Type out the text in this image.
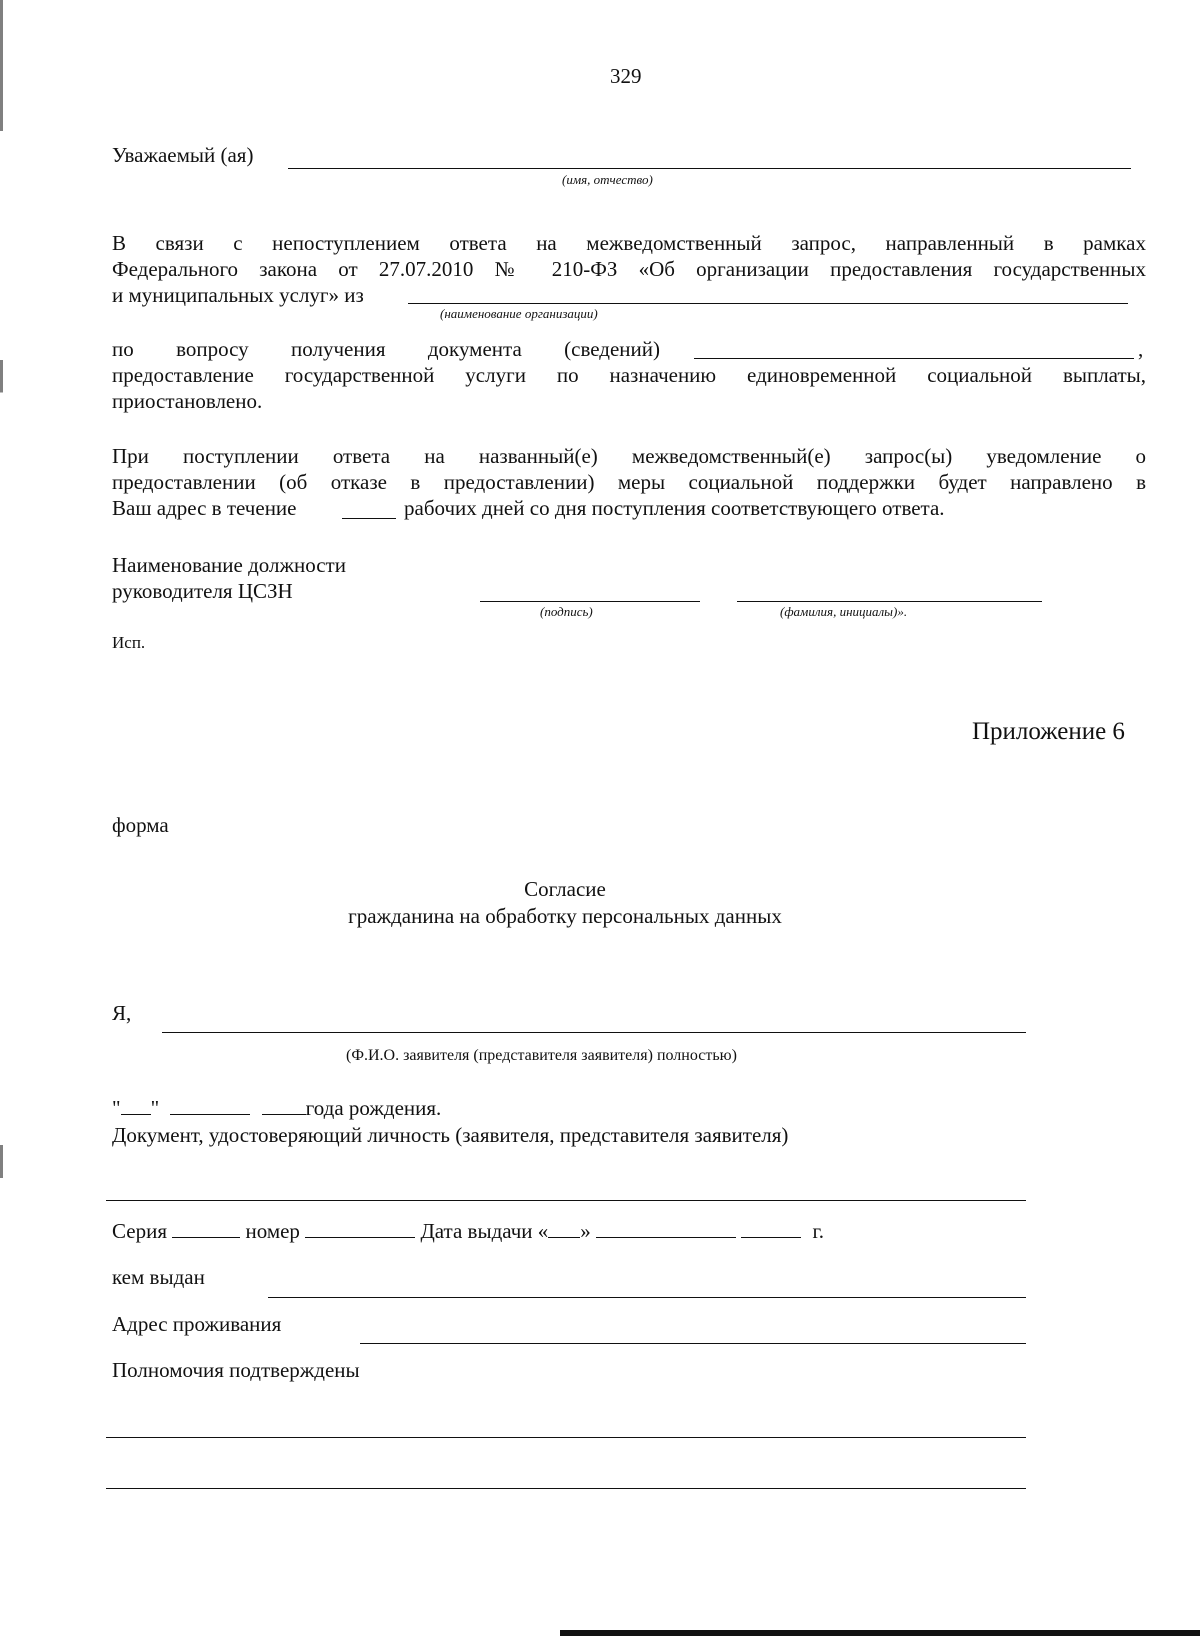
329
Уважаемый (ая)
(имя, отчество)
В связи с непоступлением ответа на межведомственный запрос, направленный в рамках
Федерального закона от 27.07.2010 № 210-ФЗ «Об организации предоставления государственных
и муниципальных услуг» из
(наименование организации)
по вопросу получения документа (сведений)	,
предоставление государственной услуги по назначению единовременной социальной выплаты,
приостановлено.
При поступлении ответа на названный(е) межведомственный(е) запрос(ы) уведомление о
предоставлении (об отказе в предоставлении) меры социальной поддержки будет направлено в
Ваш адрес в течение	рабочих дней со дня поступления соответствующего ответа.
Наименование должности
руководителя ЦСЗН
(подпись)	(фамилия, инициалы)».
Исп.
Приложение 6
форма
Согласие
гражданина на обработку персональных данных
Я,
(Ф.И.О. заявителя (представителя заявителя) полностью)
" "	года рождения.
Документ, удостоверяющий личность (заявителя, представителя заявителя)
Серия	номер	Дата выдачи « »	г.
кем выдан
Адрес проживания
Полномочия подтверждены
